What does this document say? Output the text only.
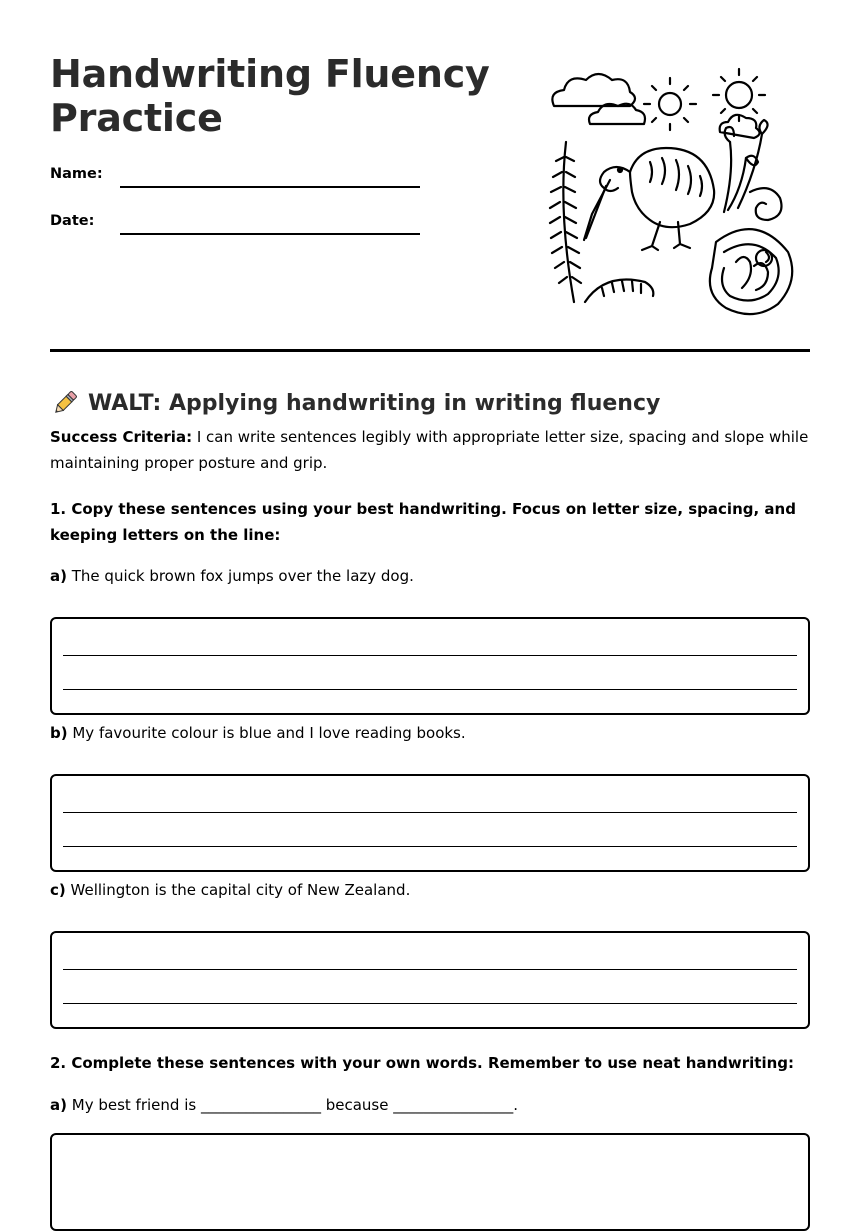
Handwriting Fluency
Practice
Name:
Date:
WALT: Applying handwriting in writing fluency

Success Criteria: I can write sentences legibly with appropriate letter size, spacing and slope while maintaining proper posture and grip.

1. Copy these sentences using your best handwriting. Focus on letter size, spacing, and keeping letters on the line:

a) The quick brown fox jumps over the lazy dog.

b) My favourite colour is blue and I love reading books.

c) Wellington is the capital city of New Zealand.

2. Complete these sentences with your own words. Remember to use neat handwriting:

a) My best friend is ________________ because ________________.
